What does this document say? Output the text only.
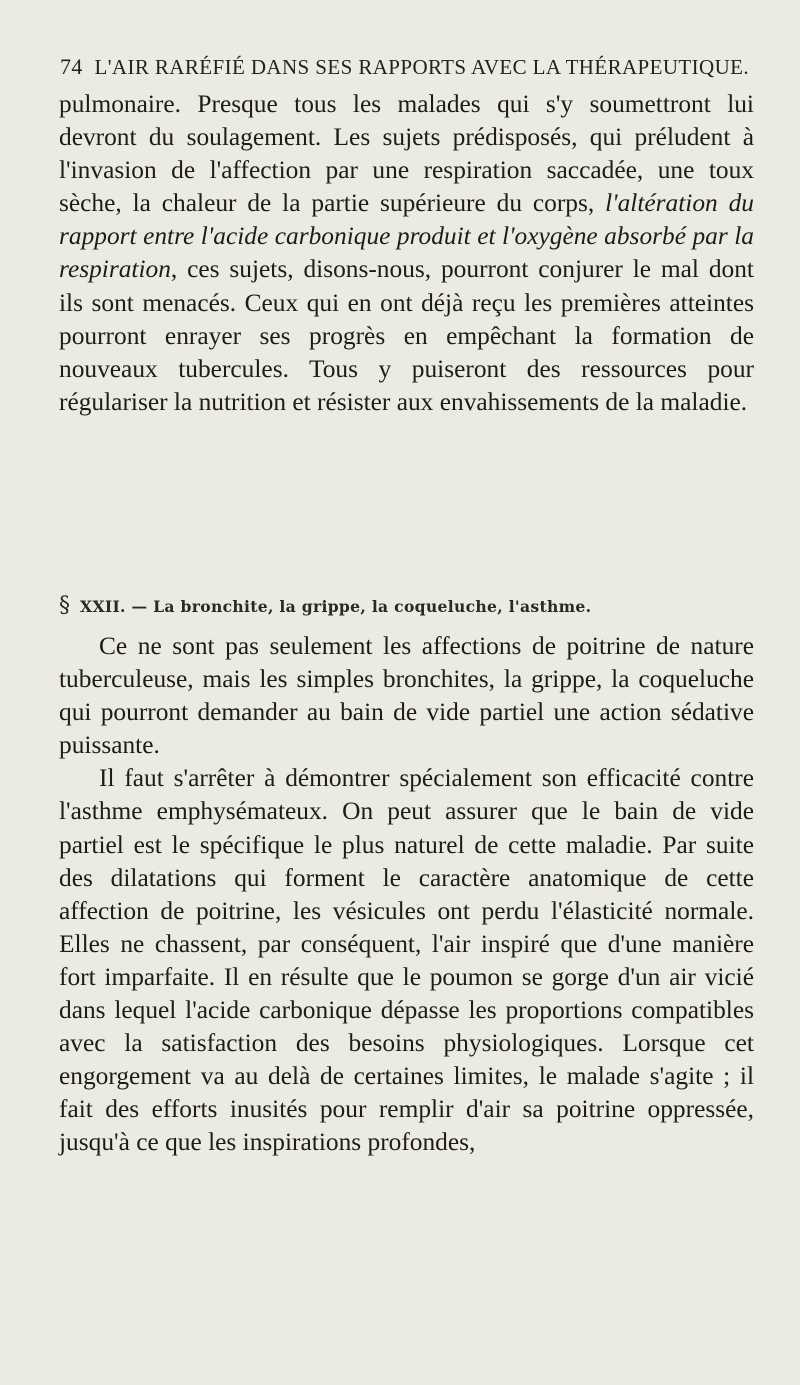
74 L'AIR RARÉFIÉ DANS SES RAPPORTS AVEC LA THÉRAPEUTIQUE.

pulmonaire. Presque tous les malades qui s'y soumettront lui devront du soulagement. Les sujets prédisposés, qui préludent à l'invasion de l'affection par une respiration saccadée, une toux sèche, la chaleur de la partie supérieure du corps, l'altération du rapport entre l'acide carbonique produit et l'oxygène absorbé par la respiration, ces sujets, disons-nous, pourront conjurer le mal dont ils sont menacés. Ceux qui en ont déjà reçu les premières atteintes pourront enrayer ses progrès en empêchant la formation de nouveaux tubercules. Tous y puiseront des ressources pour régulariser la nutrition et résister aux envahissements de la maladie.

§ XXII. — La bronchite, la grippe, la coqueluche, l'asthme.

Ce ne sont pas seulement les affections de poitrine de nature tuberculeuse, mais les simples bronchites, la grippe, la coqueluche qui pourront demander au bain de vide partiel une action sédative puissante.

Il faut s'arrêter à démontrer spécialement son efficacité contre l'asthme emphysémateux. On peut assurer que le bain de vide partiel est le spécifique le plus naturel de cette maladie. Par suite des dilatations qui forment le caractère anatomique de cette affection de poitrine, les vésicules ont perdu l'élasticité normale. Elles ne chassent, par conséquent, l'air inspiré que d'une manière fort imparfaite. Il en résulte que le poumon se gorge d'un air vicié dans lequel l'acide carbonique dépasse les proportions compatibles avec la satisfaction des besoins physiologiques. Lorsque cet engorgement va au delà de certaines limites, le malade s'agite ; il fait des efforts inusités pour remplir d'air sa poitrine oppressée, jusqu'à ce que les inspirations profondes,
